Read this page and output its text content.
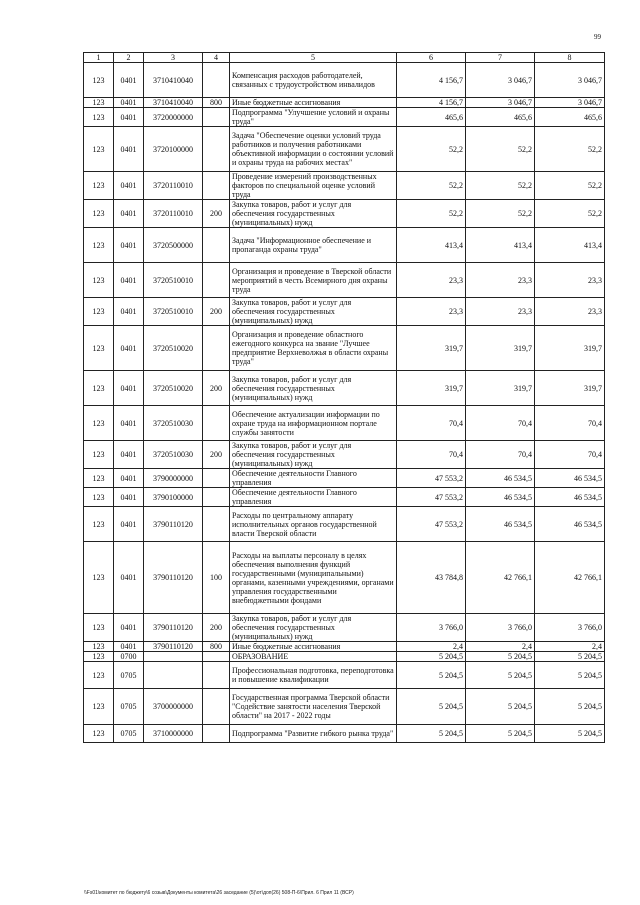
99
1	2	3	4	5	6	7	8
123	0401	3710410040		Компенсация расходов работодателей, связанных с трудоустройством инвалидов	4 156,7	3 046,7	3 046,7
123	0401	3710410040	800	Иные бюджетные ассигнования	4 156,7	3 046,7	3 046,7
123	0401	3720000000		Подпрограмма "Улучшение условий и охраны труда"	465,6	465,6	465,6
123	0401	3720100000		Задача "Обеспечение оценки условий труда работников и получения работниками объективной информации о состоянии условий и охраны труда на рабочих местах"	52,2	52,2	52,2
123	0401	3720110010		Проведение измерений производственных факторов по специальной оценке условий труда	52,2	52,2	52,2
123	0401	3720110010	200	Закупка товаров, работ и услуг для обеспечения государственных (муниципальных) нужд	52,2	52,2	52,2
123	0401	3720500000		Задача "Информационное обеспечение и пропаганда охраны труда"	413,4	413,4	413,4
123	0401	3720510010		Организация и проведение в Тверской области мероприятий в честь Всемирного дня охраны труда	23,3	23,3	23,3
123	0401	3720510010	200	Закупка товаров, работ и услуг для обеспечения государственных (муниципальных) нужд	23,3	23,3	23,3
123	0401	3720510020		Организация и проведение областного ежегодного конкурса на звание "Лучшее предприятие Верхневолжья в области охраны труда"	319,7	319,7	319,7
123	0401	3720510020	200	Закупка товаров, работ и услуг для обеспечения государственных (муниципальных) нужд	319,7	319,7	319,7
123	0401	3720510030		Обеспечение актуализации информации по охране труда на информационном портале службы занятости	70,4	70,4	70,4
123	0401	3720510030	200	Закупка товаров, работ и услуг для обеспечения государственных (муниципальных) нужд	70,4	70,4	70,4
123	0401	3790000000		Обеспечение деятельности Главного управления	47 553,2	46 534,5	46 534,5
123	0401	3790100000		Обеспечение деятельности Главного управления	47 553,2	46 534,5	46 534,5
123	0401	3790110120		Расходы по центральному аппарату исполнительных органов государственной власти Тверской области	47 553,2	46 534,5	46 534,5
123	0401	3790110120	100	Расходы на выплаты персоналу в целях обеспечения выполнения функций государственными (муниципальными) органами, казенными учреждениями, органами управления государственными внебюджетными фондами	43 784,8	42 766,1	42 766,1
123	0401	3790110120	200	Закупка товаров, работ и услуг для обеспечения государственных (муниципальных) нужд	3 766,0	3 766,0	3 766,0
123	0401	3790110120	800	Иные бюджетные ассигнования	2,4	2,4	2,4
123	0700			ОБРАЗОВАНИЕ	5 204,5	5 204,5	5 204,5
123	0705			Профессиональная подготовка, переподготовка и повышение квалификации	5 204,5	5 204,5	5 204,5
123	0705	3700000000		Государственная программа Тверской области "Содействие занятости населения Тверской области" на 2017 - 2022 годы	5 204,5	5 204,5	5 204,5
123	0705	3710000000		Подпрограмма "Развитие гибкого рынка труда"	5 204,5	5 204,5	5 204,5
\\Fs01\комитет по бюджету\6 созыв\Документы комитета\26 заседание (5)\от\доп(26) 508-П-6\Прил. 6 Прил 11 (ВСР)
